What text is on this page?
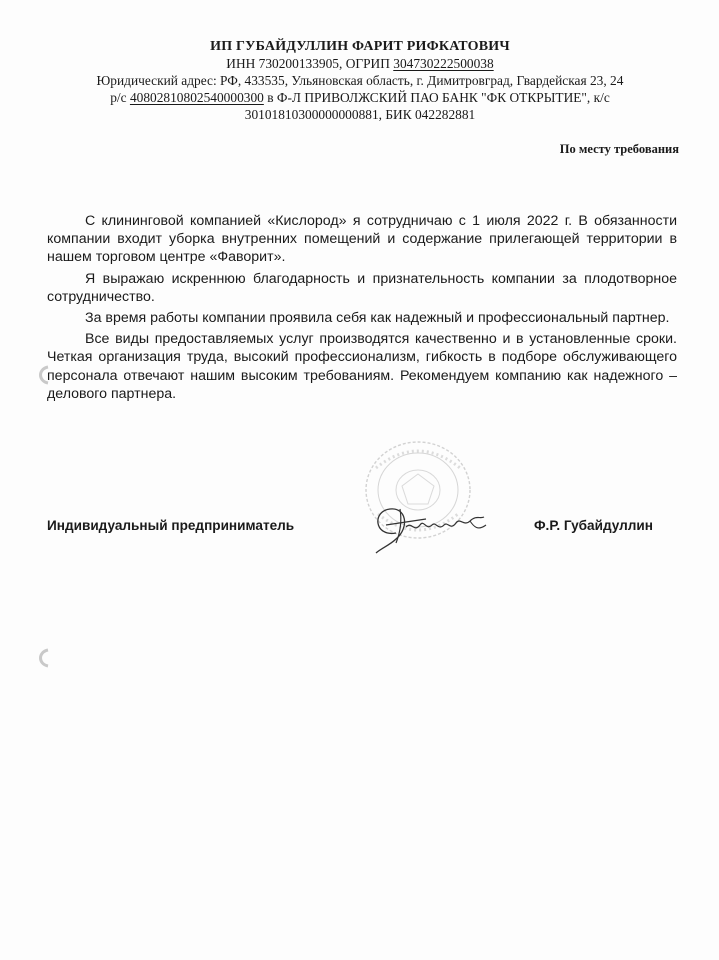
ИП ГУБАЙДУЛЛИН ФАРИТ РИФКАТОВИЧ
ИНН 730200133905, ОГРИП 304730222500038
Юридический адрес: РФ, 433535, Ульяновская область, г. Димитровград, Гвардейская 23, 24
р/с 40802810802540000300 в Ф-Л ПРИВОЛЖСКИЙ ПАО БАНК "ФК ОТКРЫТИЕ", к/с
30101810300000000881, БИК 042282881
По месту требования

С клининговой компанией «Кислород» я сотрудничаю с 1 июля 2022 г. В обязанности компании входит уборка внутренних помещений и содержание прилегающей территории в нашем торговом центре «Фаворит».

Я выражаю искреннюю благодарность и признательность компании за плодотворное сотрудничество.

За время работы компании проявила себя как надежный и профессиональный партнер.

Все виды предоставляемых услуг производятся качественно и в установленные сроки. Четкая организация труда, высокий профессионализм, гибкость в подборе обслуживающего персонала отвечают нашим высоким требованиям. Рекомендуем компанию как надежного – делового партнера.

Индивидуальный предприниматель	Ф.Р. Губайдуллин
